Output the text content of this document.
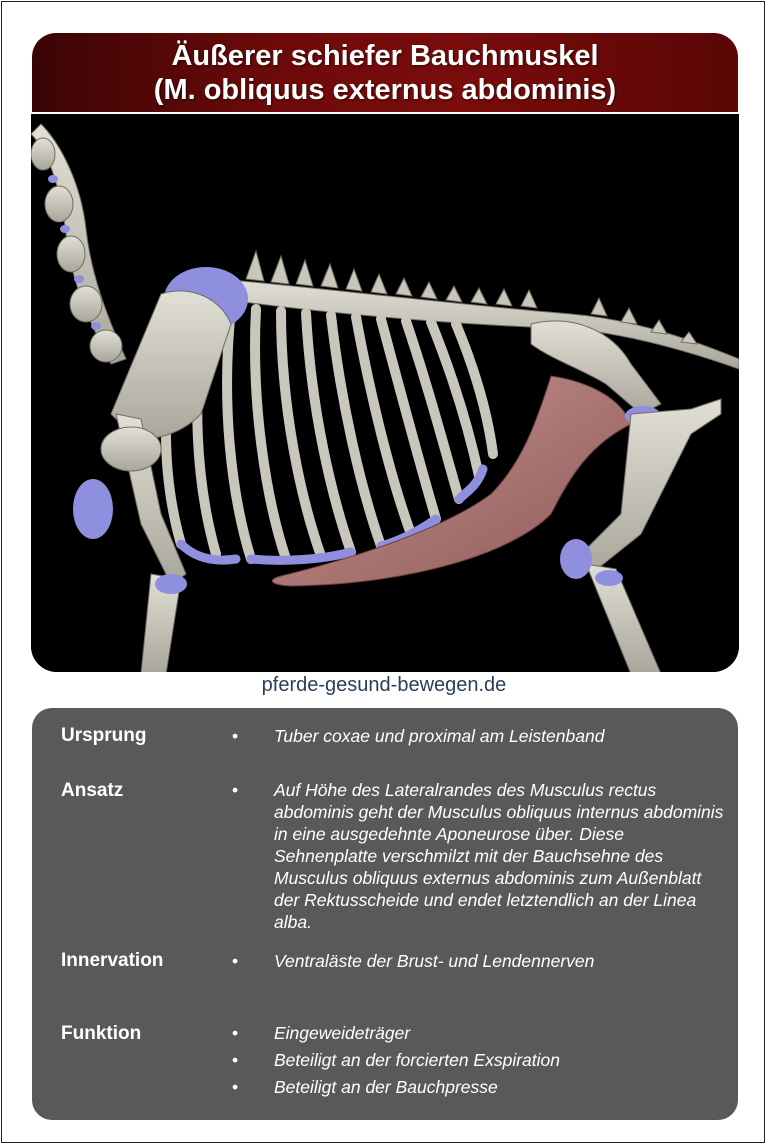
Äußerer schiefer Bauchmuskel
(M. obliquus externus abdominis)
pferde-gesund-bewegen.de
Ursprung	• Tuber coxae und proximal am Leistenband
Ansatz	• Auf Höhe des Lateralrandes des Musculus rectus abdominis geht der Musculus obliquus internus abdominis in eine ausgedehnte Aponeurose über. Diese Sehnenplatte verschmilzt mit der Bauchsehne des Musculus obliquus externus abdominis zum Außenblatt der Rektusscheide und endet letztendlich an der Linea alba.
Innervation	• Ventraläste der Brust- und Lendennerven
Funktion	• Eingeweideträger
• Beteiligt an der forcierten Exspiration
• Beteiligt an der Bauchpresse
